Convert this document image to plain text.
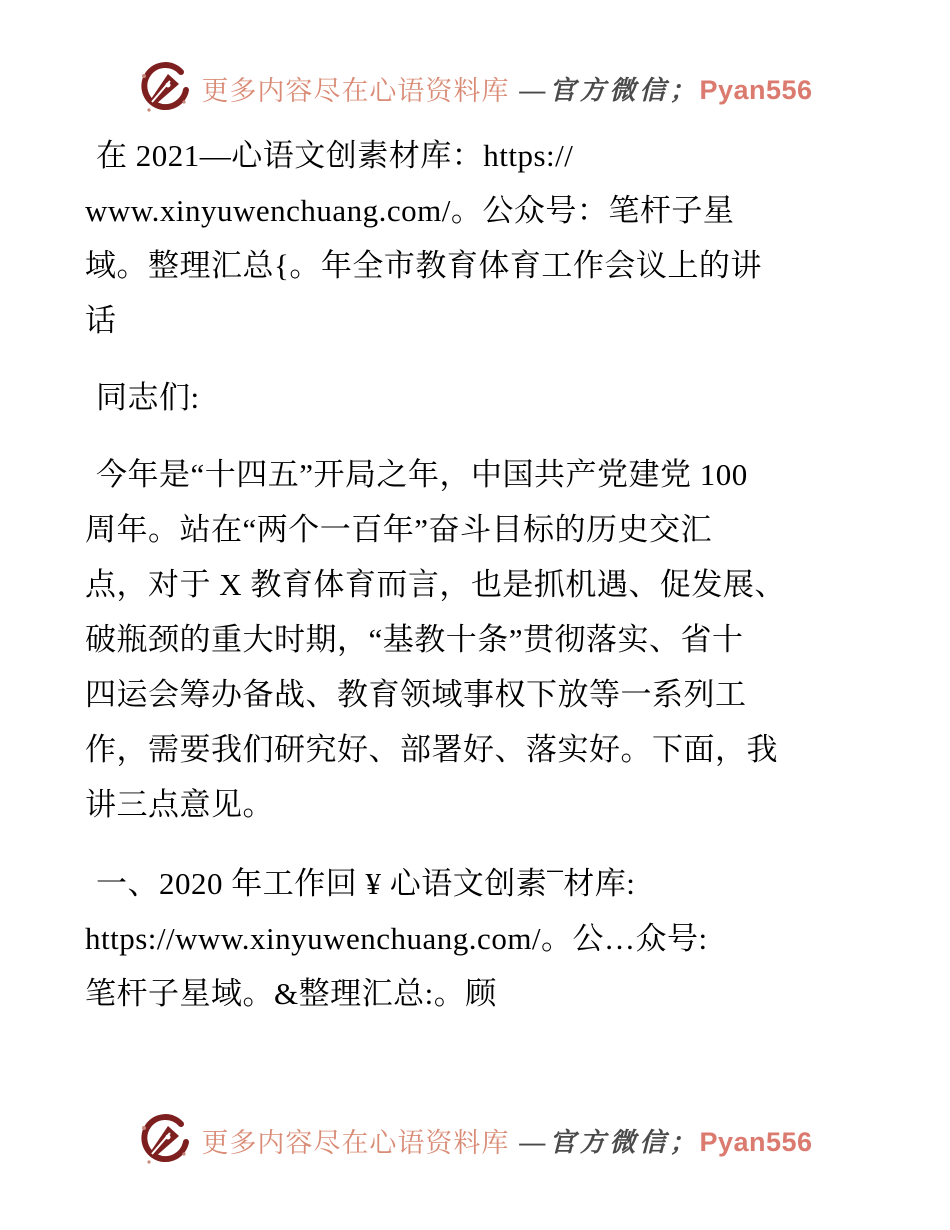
更多内容尽在心语资料库 —官方微信；Pyan556

在 2021—心语文创素材库：https://
www.xinyuwenchuang.com/。公众号：笔杆子星
域。整理汇总{。年全市教育体育工作会议上的讲
话

同志们:

今年是“十四五”开局之年，中国共产党建党 100
周年。站在“两个一百年”奋斗目标的历史交汇
点，对于 X 教育体育而言，也是抓机遇、促发展、
破瓶颈的重大时期，“基教十条”贯彻落实、省十
四运会筹办备战、教育领域事权下放等一系列工
作，需要我们研究好、部署好、落实好。下面，我
讲三点意见。

一、2020 年工作回 ¥ 心语文创素¯材库:
https://www.xinyuwenchuang.com/。公…众号:
笔杆子星域。&整理汇总:。顾

更多内容尽在心语资料库 —官方微信；Pyan556
